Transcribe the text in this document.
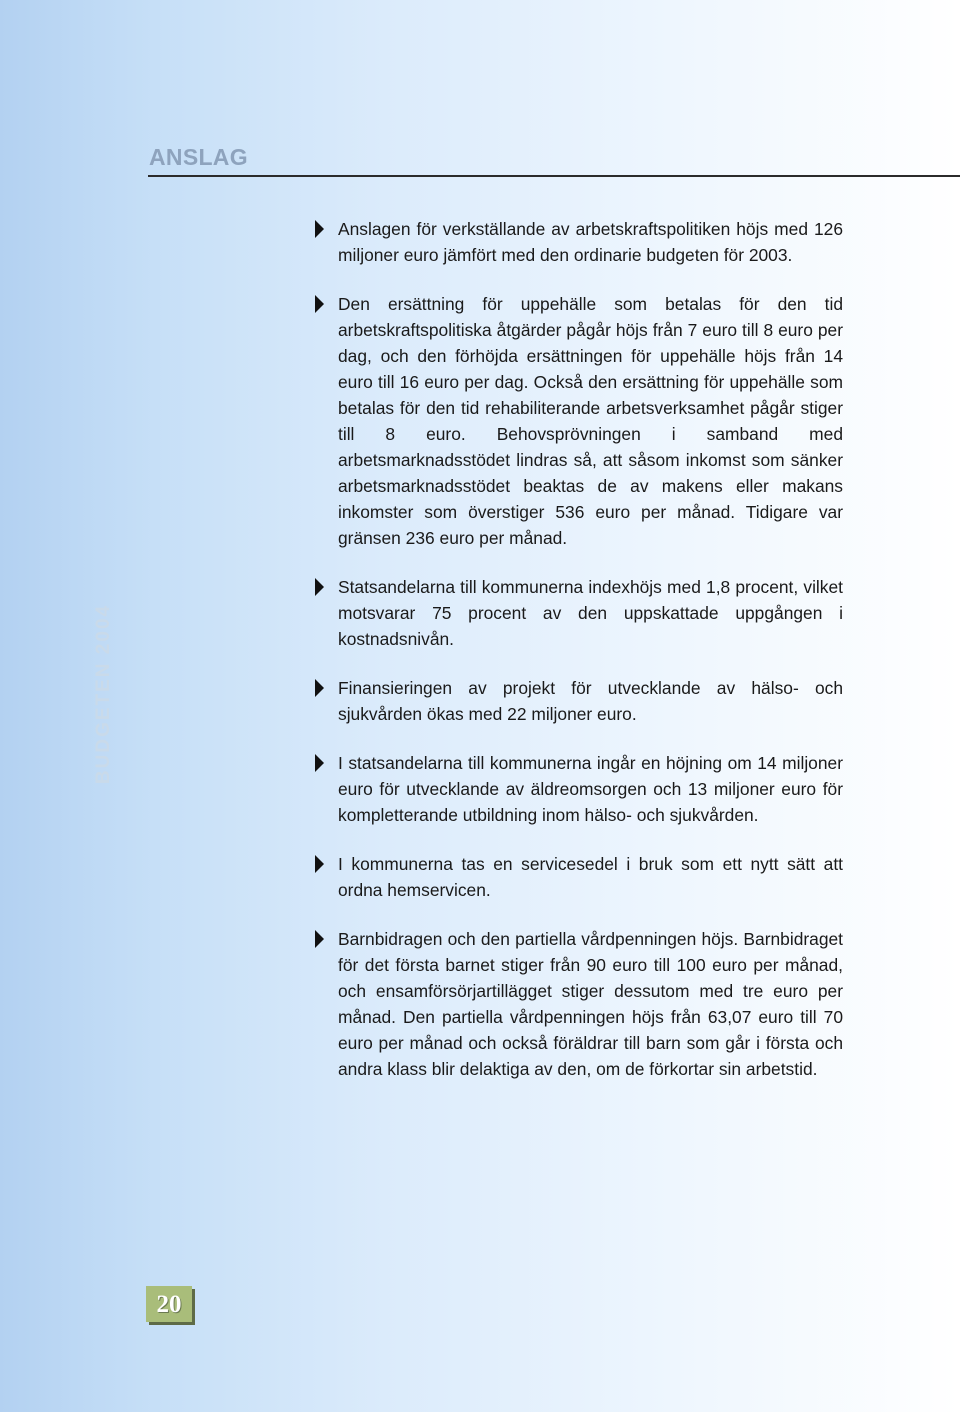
ANSLAG
BUDGETEN 2004

Anslagen för verkställande av arbetskraftspolitiken höjs med 126 miljoner euro jämfört med den ordinarie budgeten för 2003.

Den ersättning för uppehälle som betalas för den tid arbetskraftspolitiska åtgärder pågår höjs från 7 euro till 8 euro per dag, och den förhöjda ersättningen för uppehälle höjs från 14 euro till 16 euro per dag. Också den ersättning för uppehälle som betalas för den tid rehabiliterande arbetsverksamhet pågår stiger till 8 euro. Behovsprövningen i samband med arbetsmarknadsstödet lindras så, att såsom inkomst som sänker arbetsmarknadsstödet beaktas de av makens eller makans inkomster som överstiger 536 euro per månad. Tidigare var gränsen 236 euro per månad.

Statsandelarna till kommunerna indexhöjs med 1,8 procent, vilket motsvarar 75 procent av den uppskattade uppgången i kostnadsnivån.

Finansieringen av projekt för utvecklande av hälso- och sjukvården ökas med 22 miljoner euro.

I statsandelarna till kommunerna ingår en höjning om 14 miljoner euro för utvecklande av äldreomsorgen och 13 miljoner euro för kompletterande utbildning inom hälso- och sjukvården.

I kommunerna tas en servicesedel i bruk som ett nytt sätt att ordna hemservicen.

Barnbidragen och den partiella vårdpenningen höjs. Barnbidraget för det första barnet stiger från 90 euro till 100 euro per månad, och ensamförsörjartillägget stiger dessutom med tre euro per månad. Den partiella vårdpenningen höjs från 63,07 euro till 70 euro per månad och också föräldrar till barn som går i första och andra klass blir delaktiga av den, om de förkortar sin arbetstid.

20
